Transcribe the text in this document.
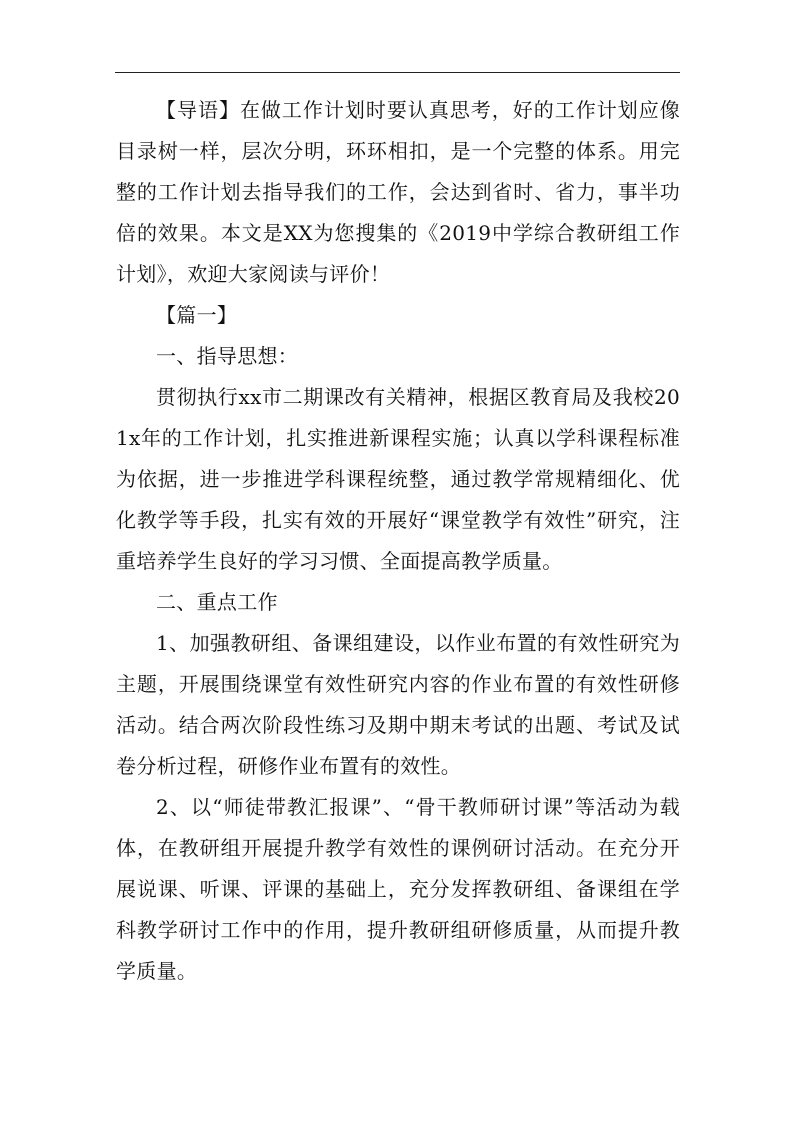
【导语】在做工作计划时要认真思考，好的工作计划应像目录树一样，层次分明，环环相扣，是一个完整的体系。用完整的工作计划去指导我们的工作，会达到省时、省力，事半功倍的效果。本文是XX为您搜集的《2019中学综合教研组工作计划》，欢迎大家阅读与评价！

【篇一】

一、指导思想：

贯彻执行xx市二期课改有关精神，根据区教育局及我校201x年的工作计划，扎实推进新课程实施；认真以学科课程标准为依据，进一步推进学科课程统整，通过教学常规精细化、优化教学等手段，扎实有效的开展好“课堂教学有效性”研究，注重培养学生良好的学习习惯、全面提高教学质量。

二、重点工作

1、加强教研组、备课组建设，以作业布置的有效性研究为主题，开展围绕课堂有效性研究内容的作业布置的有效性研修活动。结合两次阶段性练习及期中期末考试的出题、考试及试卷分析过程，研修作业布置有的效性。

2、以“师徒带教汇报课”、“骨干教师研讨课”等活动为载体，在教研组开展提升教学有效性的课例研讨活动。在充分开展说课、听课、评课的基础上，充分发挥教研组、备课组在学科教学研讨工作中的作用，提升教研组研修质量，从而提升教学质量。
